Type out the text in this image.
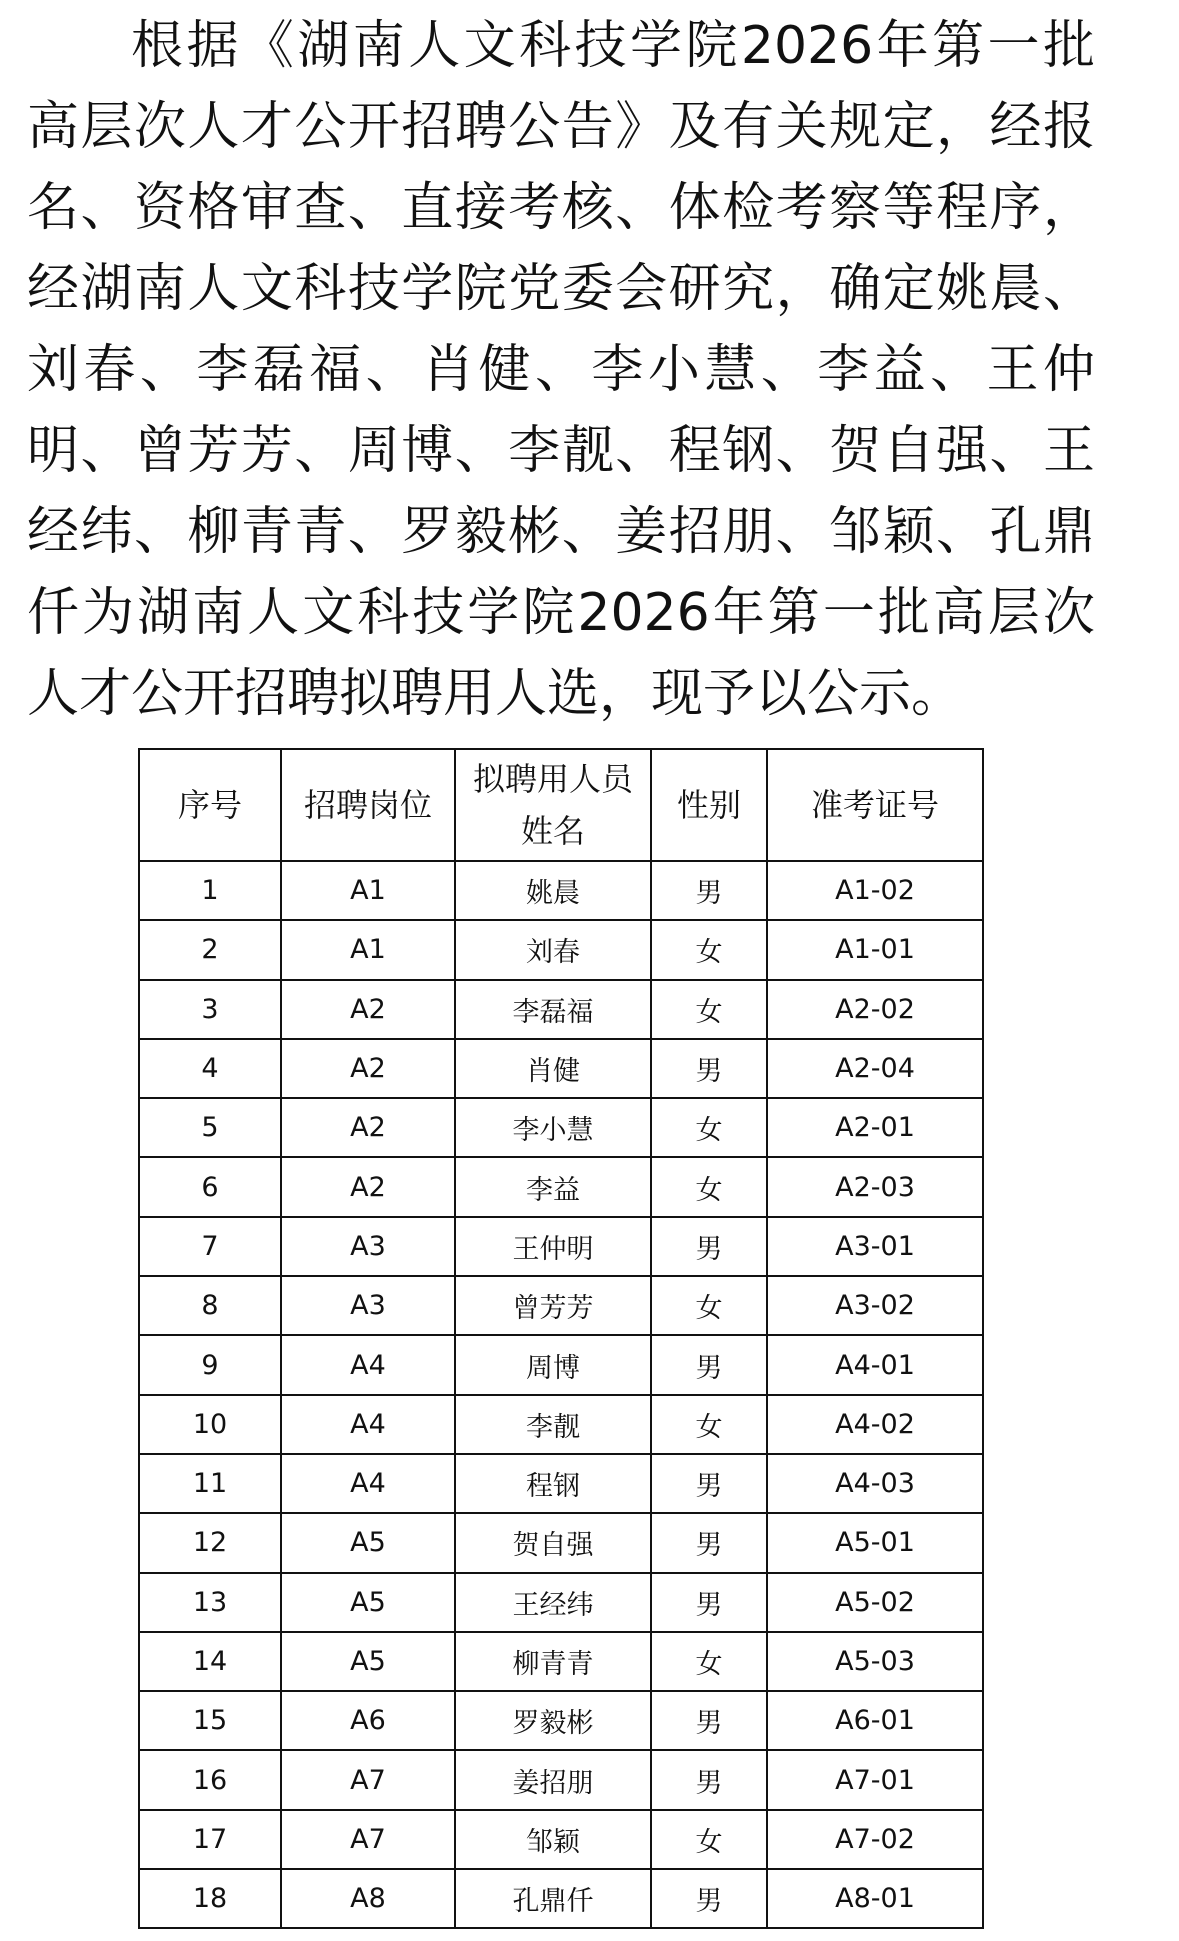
根据《湖南人文科技学院2026年第一批高层次人才公开招聘公告》及有关规定，经报名、资格审查、直接考核、体检考察等程序，经湖南人文科技学院党委会研究，确定姚晨、刘春、李磊福、肖健、李小慧、李益、王仲明、曾芳芳、周博、李靓、程钢、贺自强、王经纬、柳青青、罗毅彬、姜招朋、邹颖、孔鼎仟为湖南人文科技学院2026年第一批高层次人才公开招聘拟聘用人选，现予以公示。

序号	招聘岗位	拟聘用人员姓名	性别	准考证号
1	A1	姚晨	男	A1-02
2	A1	刘春	女	A1-01
3	A2	李磊福	女	A2-02
4	A2	肖健	男	A2-04
5	A2	李小慧	女	A2-01
6	A2	李益	女	A2-03
7	A3	王仲明	男	A3-01
8	A3	曾芳芳	女	A3-02
9	A4	周博	男	A4-01
10	A4	李靓	女	A4-02
11	A4	程钢	男	A4-03
12	A5	贺自强	男	A5-01
13	A5	王经纬	男	A5-02
14	A5	柳青青	女	A5-03
15	A6	罗毅彬	男	A6-01
16	A7	姜招朋	男	A7-01
17	A7	邹颖	女	A7-02
18	A8	孔鼎仟	男	A8-01
